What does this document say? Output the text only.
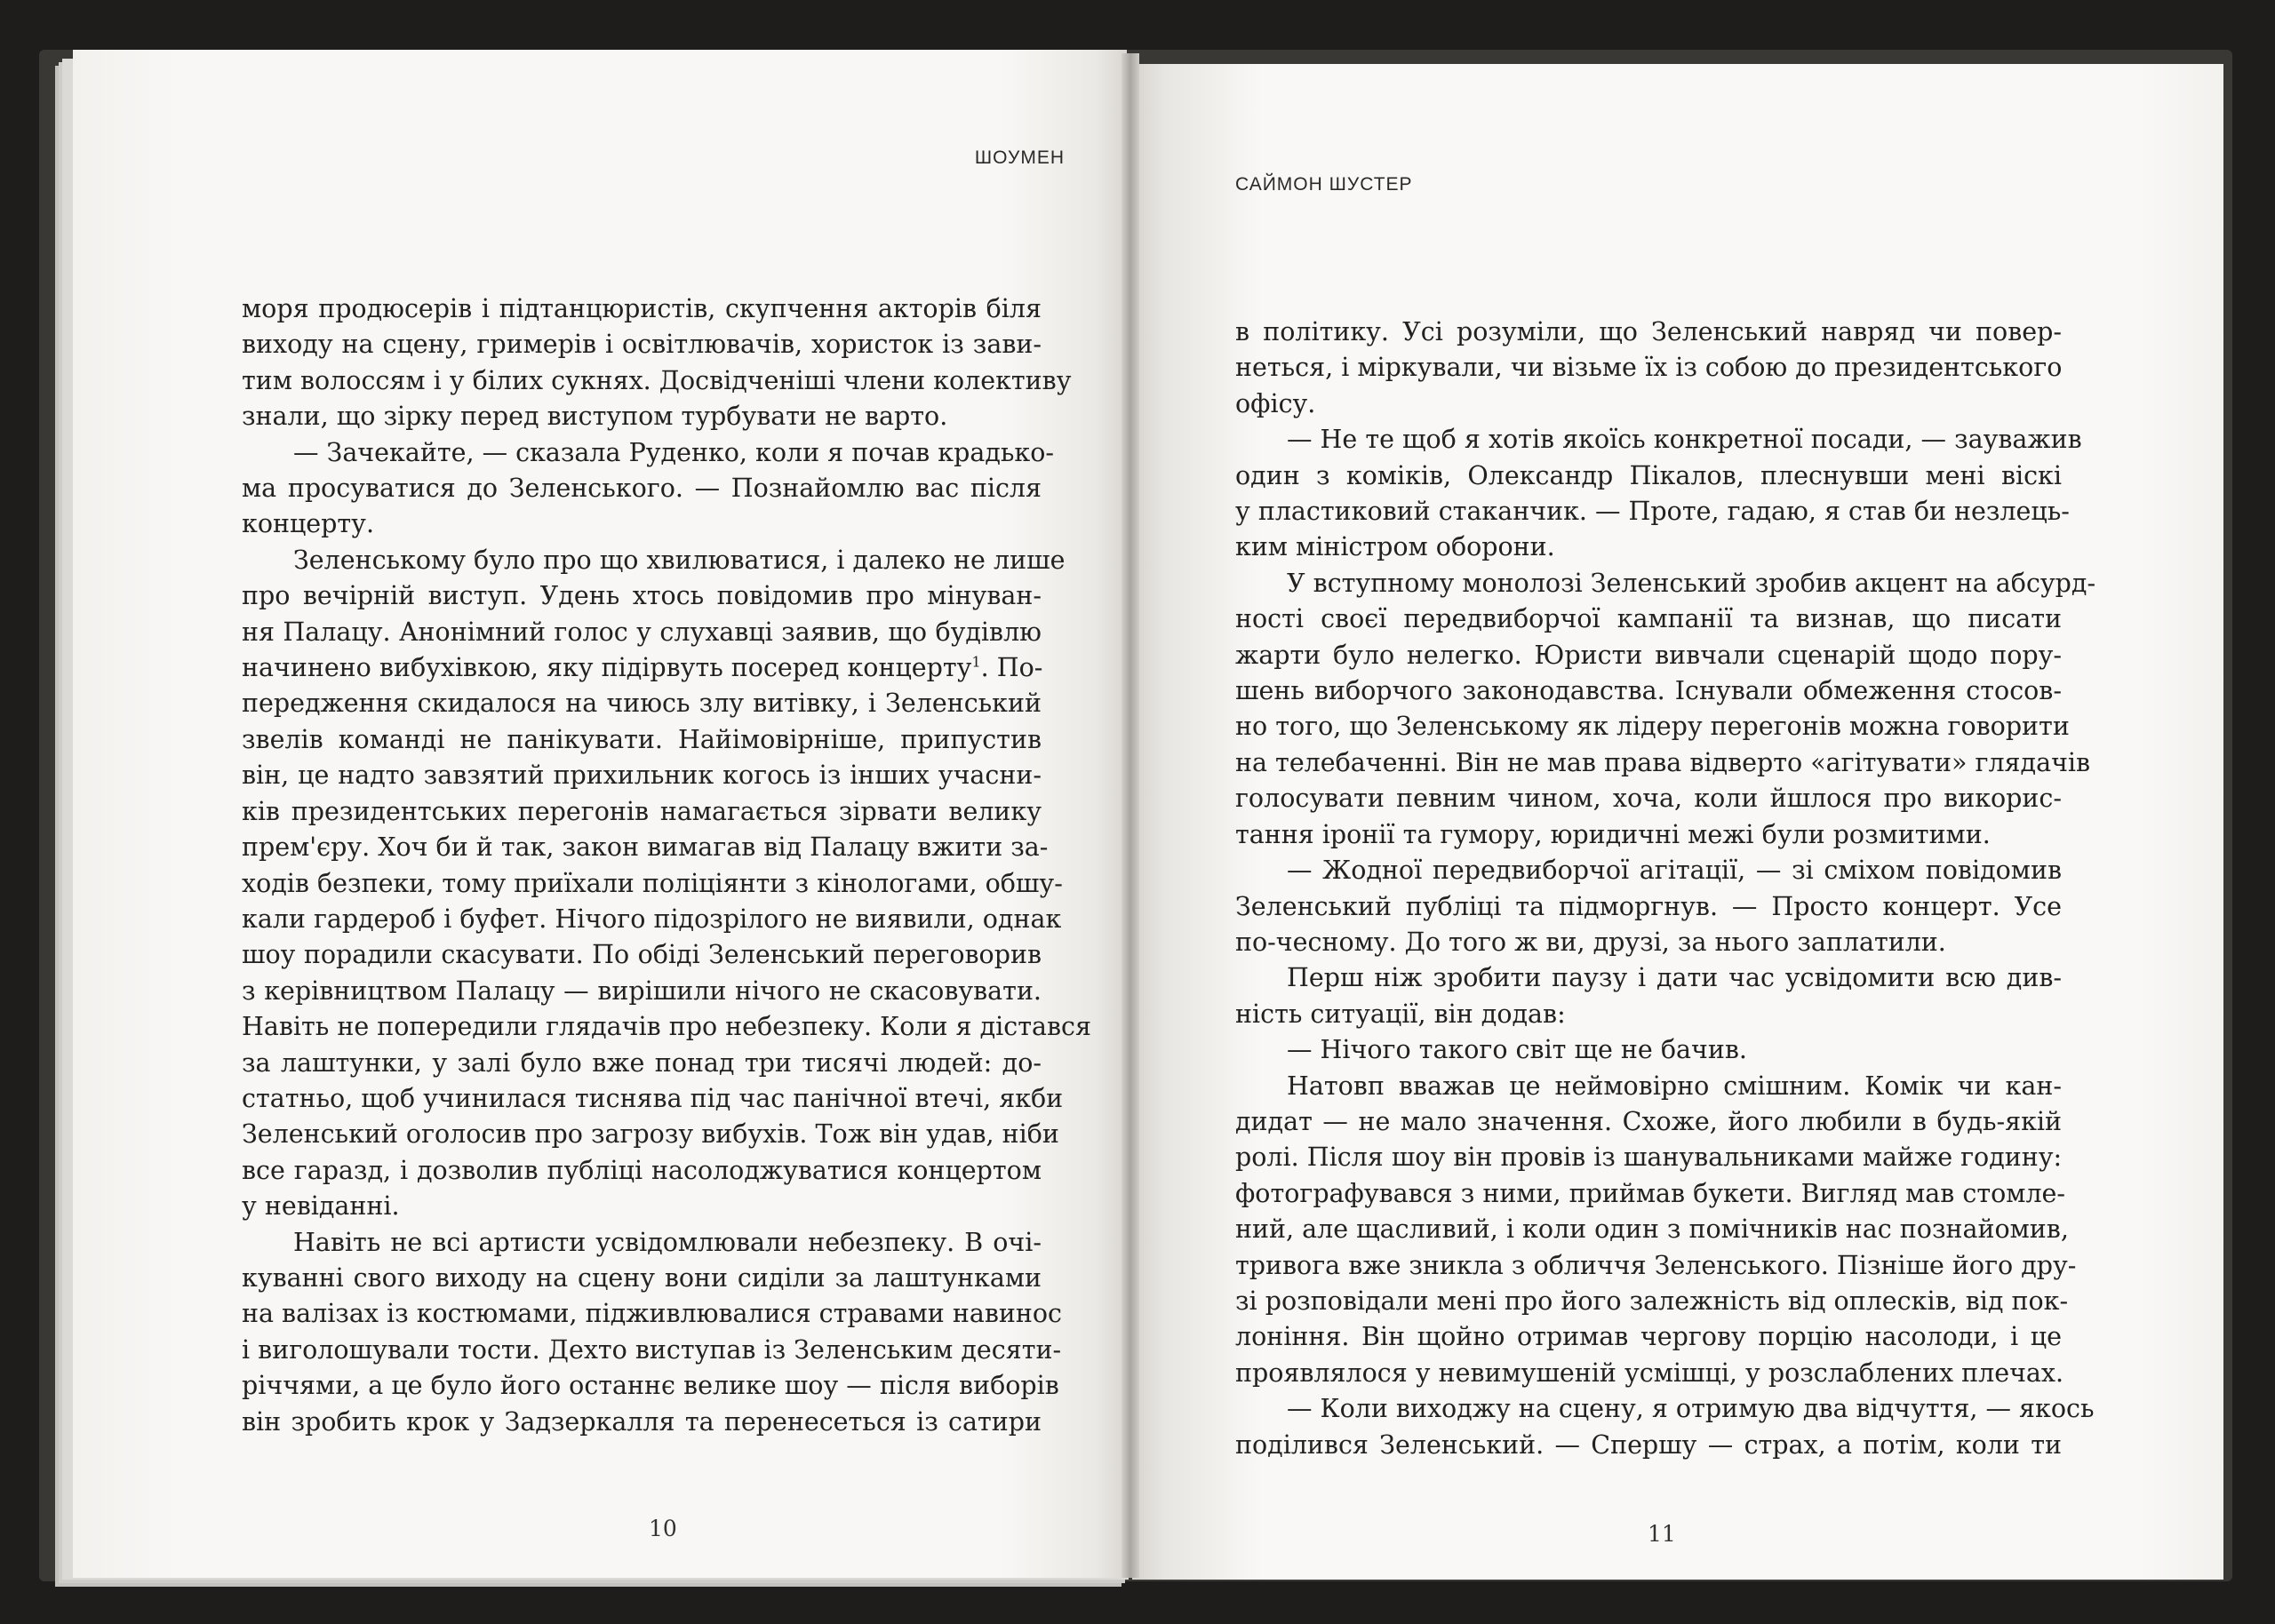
ШОУМЕН
моря продюсерів і підтанцюристів, скупчення акторів біля
виходу на сцену, гримерів і освітлювачів, хористок із зави-
тим волоссям і у білих сукнях. Досвідченіші члени колективу
знали, що зірку перед виступом турбувати не варто.
— Зачекайте, — сказала Руденко, коли я почав крадько-
ма просуватися до Зеленського. — Познайомлю вас після
концерту.
Зеленському було про що хвилюватися, і далеко не лише
про вечірній виступ. Удень хтось повідомив про мінуван-
ня Палацу. Анонімний голос у слухавці заявив, що будівлю
начинено вибухівкою, яку підірвуть посеред концерту$^1$. По-
передження скидалося на чиюсь злу витівку, і Зеленський
звелів команді не панікувати. Найімовірніше, припустив
він, це надто завзятий прихильник когось із інших учасни-
ків президентських перегонів намагається зірвати велику
прем'єру. Хоч би й так, закон вимагав від Палацу вжити за-
ходів безпеки, тому приїхали поліціянти з кінологами, обшу-
кали гардероб і буфет. Нічого підозрілого не виявили, однак
шоу порадили скасувати. По обіді Зеленський переговорив
з керівництвом Палацу — вирішили нічого не скасовувати.
Навіть не попередили глядачів про небезпеку. Коли я дістався
за лаштунки, у залі було вже понад три тисячі людей: до-
статньо, щоб учинилася тиснява під час панічної втечі, якби
Зеленський оголосив про загрозу вибухів. Тож він удав, ніби
все гаразд, і дозволив публіці насолоджуватися концертом
у невіданні.
Навіть не всі артисти усвідомлювали небезпеку. В очі-
куванні свого виходу на сцену вони сиділи за лаштунками
на валізах із костюмами, підживлювалися стравами навинос
і виголошували тости. Дехто виступав із Зеленським десяти-
річчями, а це було його останнє велике шоу — після виборів
він зробить крок у Задзеркалля та перенесеться із сатири
10
САЙМОН ШУСТЕР
в політику. Усі розуміли, що Зеленський навряд чи повер-
неться, і міркували, чи візьме їх із собою до президентського
офісу.
— Не те щоб я хотів якоїсь конкретної посади, — зауважив
один з коміків, Олександр Пікалов, плеснувши мені віскі
у пластиковий стаканчик. — Проте, гадаю, я став би незлець-
ким міністром оборони.
У вступному монолозі Зеленський зробив акцент на абсурд-
ності своєї передвиборчої кампанії та визнав, що писати
жарти було нелегко. Юристи вивчали сценарій щодо пору-
шень виборчого законодавства. Існували обмеження стосов-
но того, що Зеленському як лідеру перегонів можна говорити
на телебаченні. Він не мав права відверто «агітувати» глядачів
голосувати певним чином, хоча, коли йшлося про викорис-
тання іронії та гумору, юридичні межі були розмитими.
— Жодної передвиборчої агітації, — зі сміхом повідомив
Зеленський публіці та підморгнув. — Просто концерт. Усе
по-чесному. До того ж ви, друзі, за нього заплатили.
Перш ніж зробити паузу і дати час усвідомити всю див-
ність ситуації, він додав:
— Нічого такого світ ще не бачив.
Натовп вважав це неймовірно смішним. Комік чи кан-
дидат — не мало значення. Схоже, його любили в будь-якій
ролі. Після шоу він провів із шанувальниками майже годину:
фотографувався з ними, приймав букети. Вигляд мав стомле-
ний, але щасливий, і коли один з помічників нас познайомив,
тривога вже зникла з обличчя Зеленського. Пізніше його дру-
зі розповідали мені про його залежність від оплесків, від пок-
лоніння. Він щойно отримав чергову порцію насолоди, і це
проявлялося у невимушеній усмішці, у розслаблених плечах.
— Коли виходжу на сцену, я отримую два відчуття, — якось
поділився Зеленський. — Спершу — страх, а потім, коли ти
11
